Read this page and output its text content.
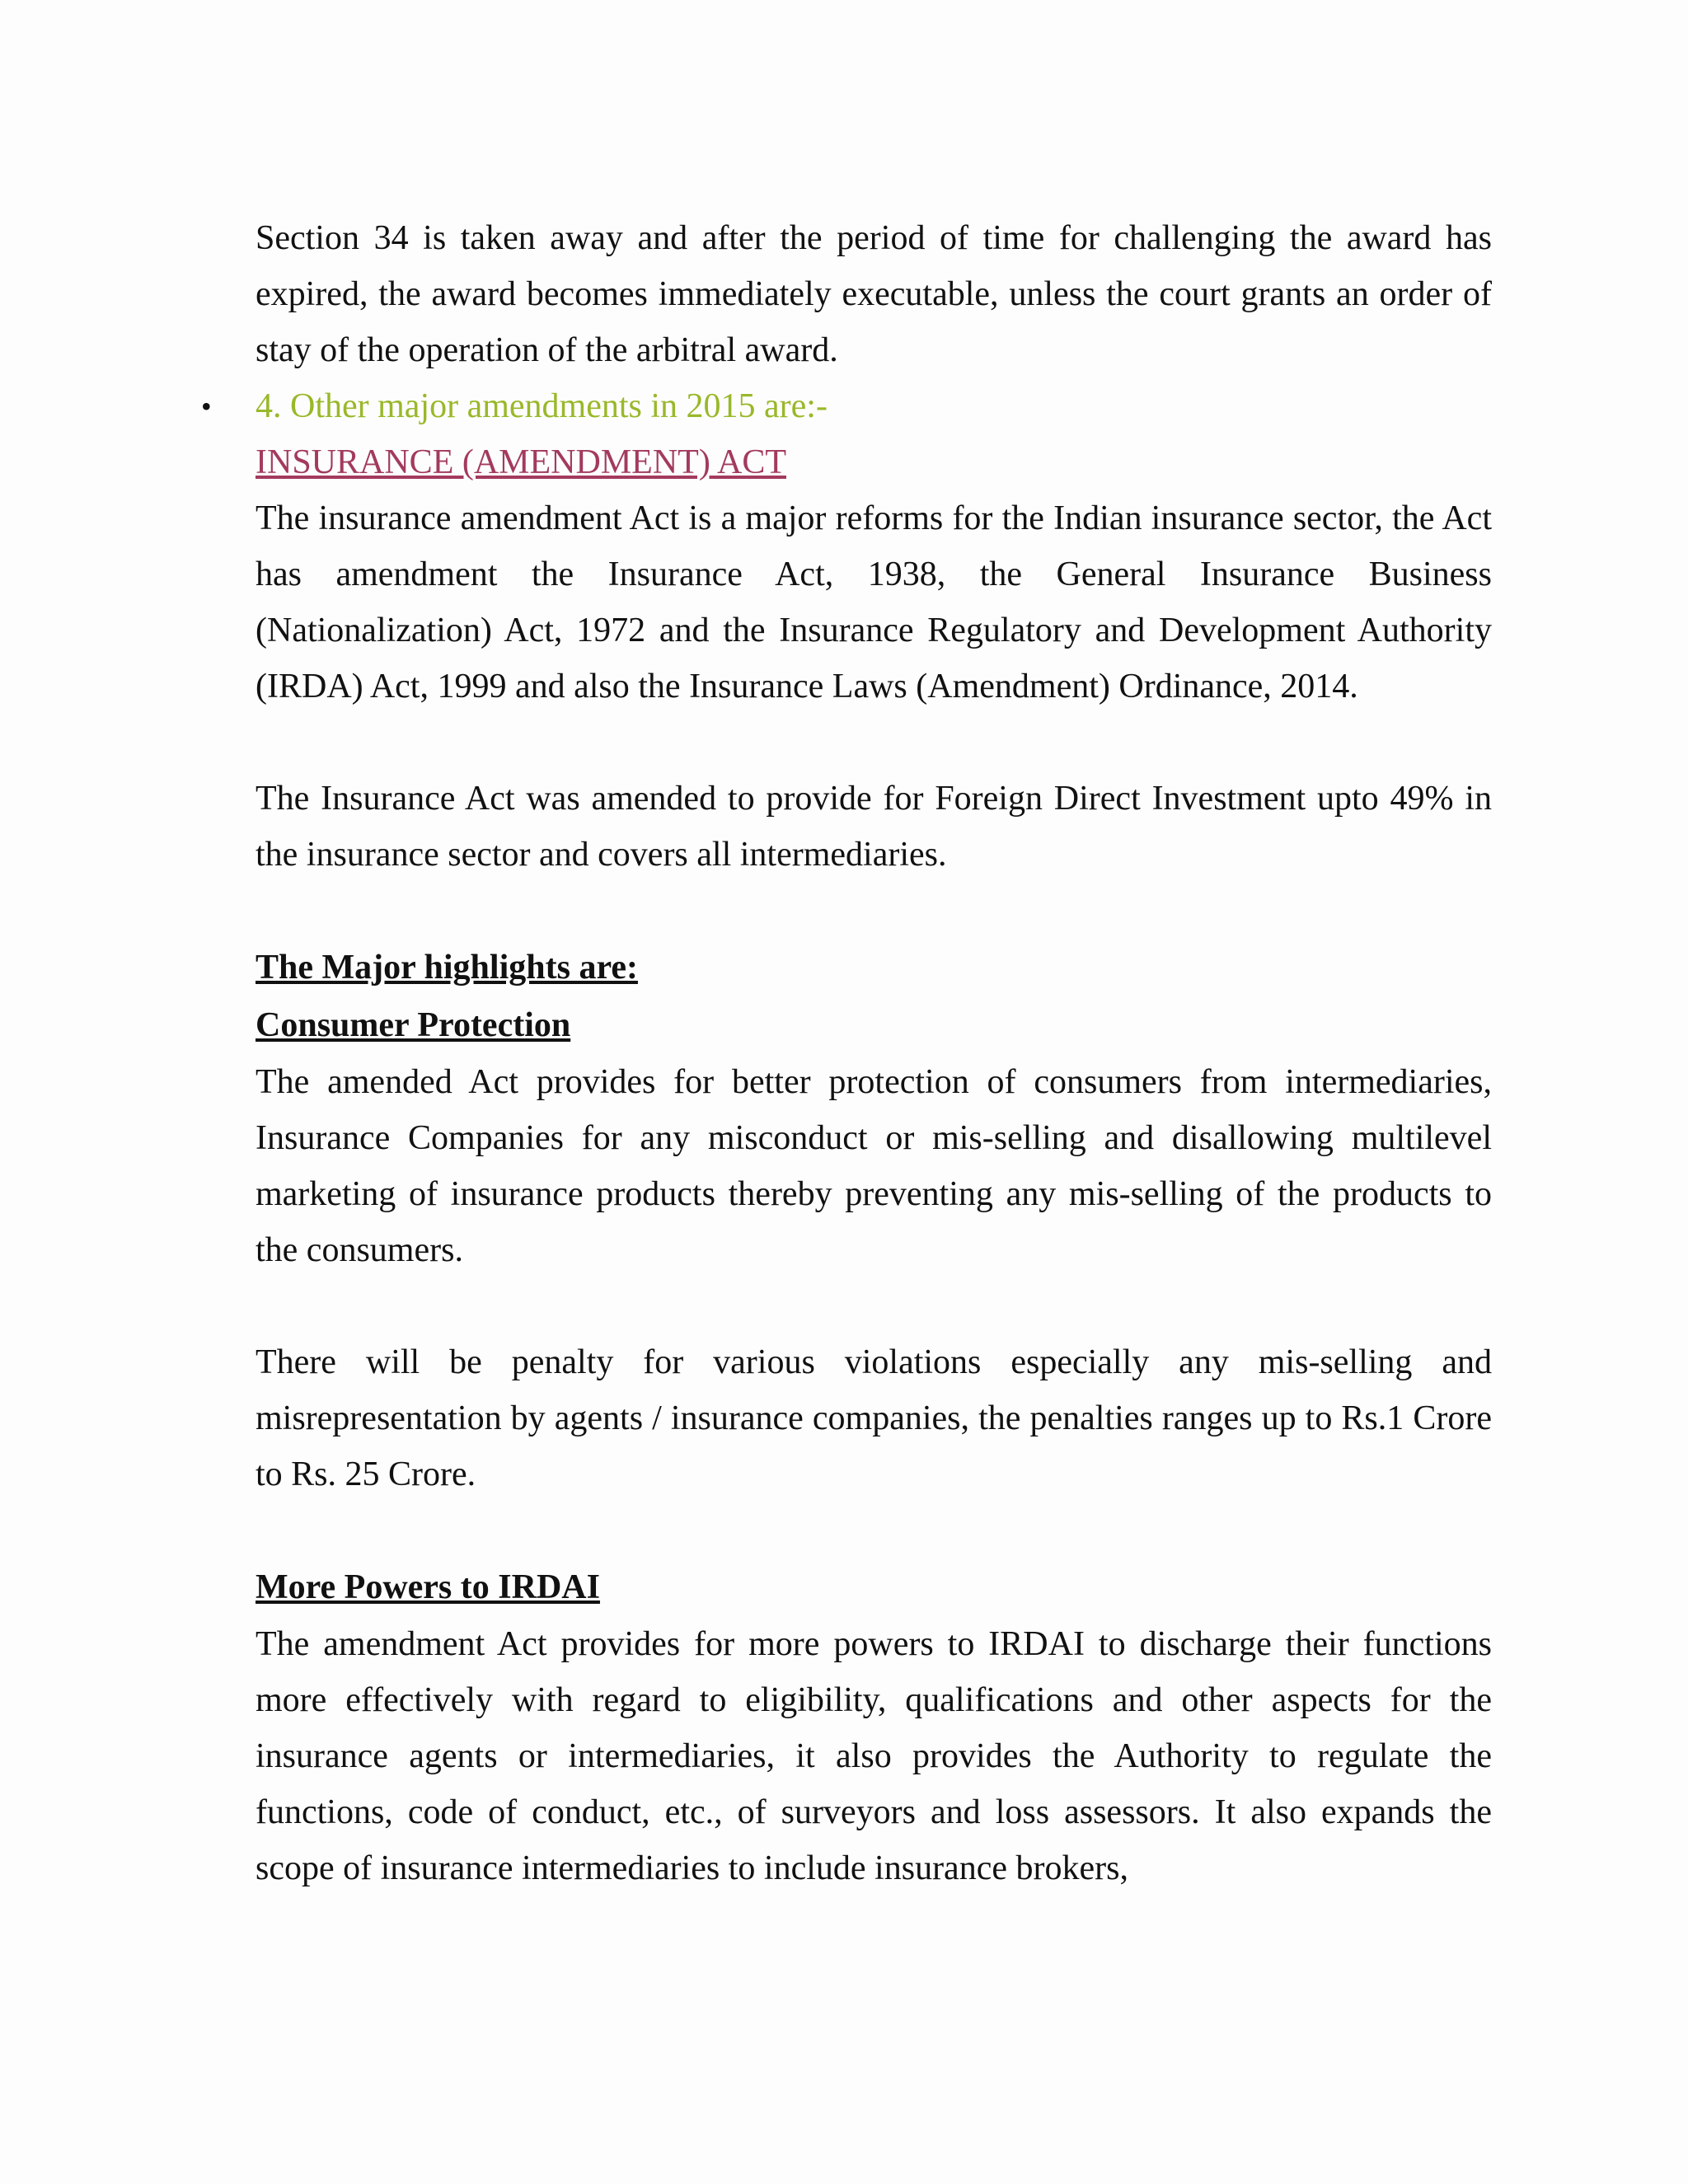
Section 34 is taken away and after the period of time for challenging the award has expired, the award becomes immediately executable, unless the court grants an order of stay of the operation of the arbitral award.

• 4. Other major amendments in 2015 are:-

INSURANCE (AMENDMENT) ACT

The insurance amendment Act is a major reforms for the Indian insurance sector, the Act has amendment the Insurance Act, 1938, the General Insurance Business (Nationalization) Act, 1972 and the Insurance Regulatory and Development Authority (IRDA) Act, 1999 and also the Insurance Laws (Amendment) Ordinance, 2014.

The Insurance Act was amended to provide for Foreign Direct Investment upto 49% in the insurance sector and covers all intermediaries.

The Major highlights are:

Consumer Protection

The amended Act provides for better protection of consumers from intermediaries, Insurance Companies for any misconduct or mis-selling and disallowing multilevel marketing of insurance products thereby preventing any mis-selling of the products to the consumers.

There will be penalty for various violations especially any mis-selling and misrepresentation by agents / insurance companies, the penalties ranges up to Rs.1 Crore to Rs. 25 Crore.

More Powers to IRDAI

The amendment Act provides for more powers to IRDAI to discharge their functions more effectively with regard to eligibility, qualifications and other aspects for the insurance agents or intermediaries, it also provides the Authority to regulate the functions, code of conduct, etc., of surveyors and loss assessors. It also expands the scope of insurance intermediaries to include insurance brokers,
